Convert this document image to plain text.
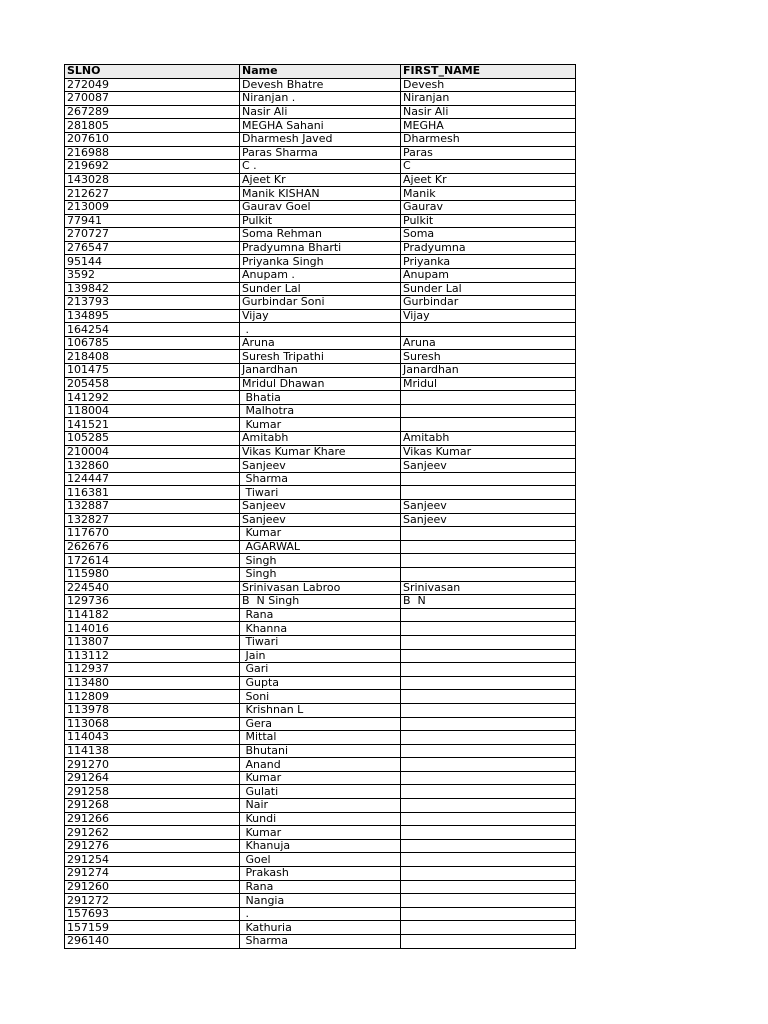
SLNO	Name	FIRST_NAME
272049	Devesh Bhatre	Devesh
270087	Niranjan .	Niranjan
267289	Nasir Ali	Nasir Ali
281805	MEGHA Sahani	MEGHA
207610	Dharmesh Javed	Dharmesh
216988	Paras Sharma	Paras
219692	C .	C
143028	Ajeet Kr	Ajeet Kr
212627	Manik KISHAN	Manik
213009	Gaurav Goel	Gaurav
77941	Pulkit	Pulkit
270727	Soma Rehman	Soma
276547	Pradyumna Bharti	Pradyumna
95144	Priyanka Singh	Priyanka
3592	Anupam .	Anupam
139842	Sunder Lal	Sunder Lal
213793	Gurbindar Soni	Gurbindar
134895	Vijay	Vijay
164254	.	
106785	Aruna	Aruna
218408	Suresh Tripathi	Suresh
101475	Janardhan	Janardhan
205458	Mridul Dhawan	Mridul
141292	Bhatia	
118004	Malhotra	
141521	Kumar	
105285	Amitabh	Amitabh
210004	Vikas Kumar Khare	Vikas Kumar
132860	Sanjeev	Sanjeev
124447	Sharma	
116381	Tiwari	
132887	Sanjeev	Sanjeev
132827	Sanjeev	Sanjeev
117670	Kumar	
262676	AGARWAL	
172614	Singh	
115980	Singh	
224540	Srinivasan Labroo	Srinivasan
129736	B  N Singh	B  N
114182	Rana	
114016	Khanna	
113807	Tiwari	
113112	Jain	
112937	Gari	
113480	Gupta	
112809	Soni	
113978	Krishnan L	
113068	Gera	
114043	Mittal	
114138	Bhutani	
291270	Anand	
291264	Kumar	
291258	Gulati	
291268	Nair	
291266	Kundi	
291262	Kumar	
291276	Khanuja	
291254	Goel	
291274	Prakash	
291260	Rana	
291272	Nangia	
157693	.	
157159	Kathuria	
296140	Sharma	
